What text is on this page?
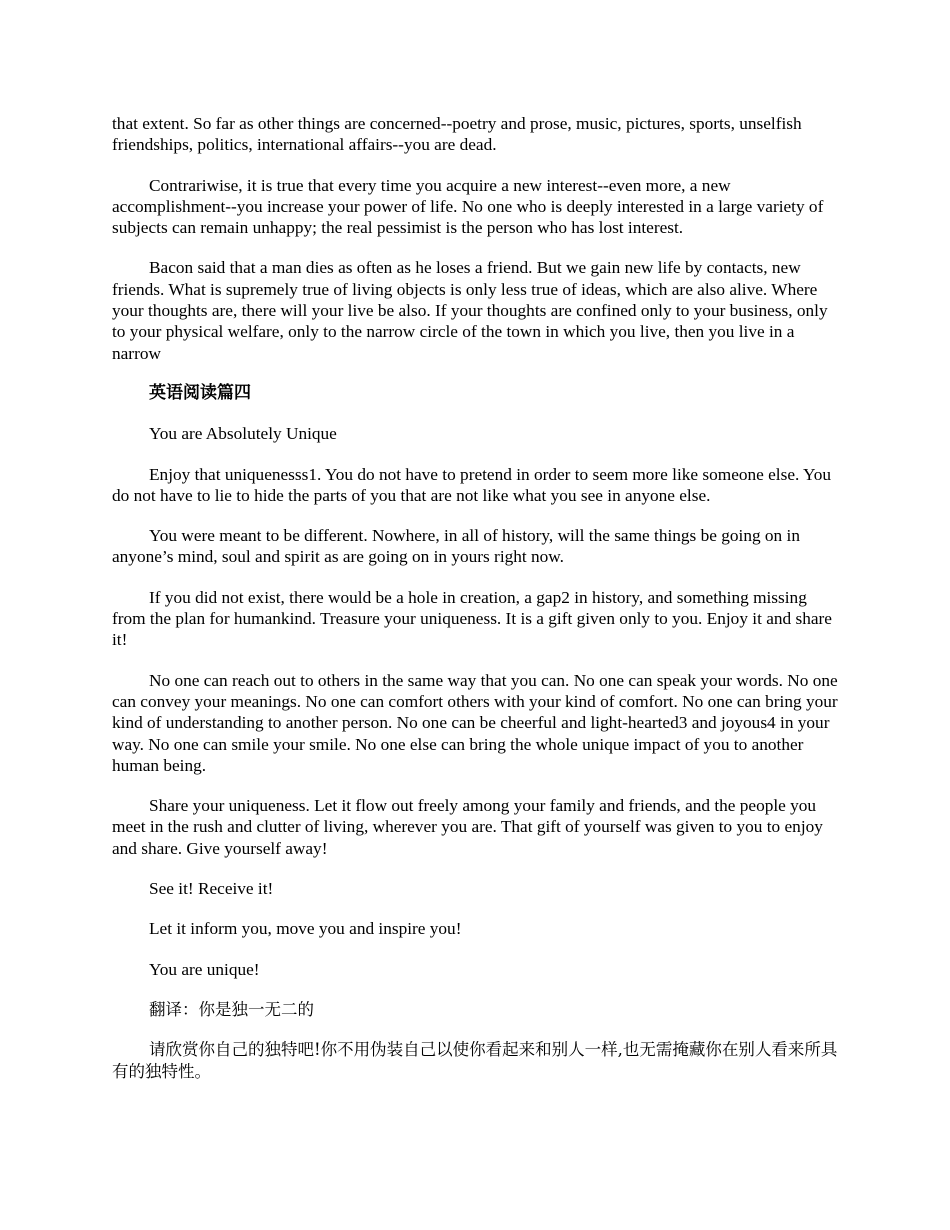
that extent. So far as other things are concerned--poetry and prose, music, pictures, sports, unselfish friendships, politics, international affairs--you are dead.

Contrariwise, it is true that every time you acquire a new interest--even more, a new accomplishment--you increase your power of life. No one who is deeply interested in a large variety of subjects can remain unhappy; the real pessimist is the person who has lost interest.

Bacon said that a man dies as often as he loses a friend. But we gain new life by contacts, new friends. What is supremely true of living objects is only less true of ideas, which are also alive. Where your thoughts are, there will your live be also. If your thoughts are confined only to your business, only to your physical welfare, only to the narrow circle of the town in which you live, then you live in a narrow

英语阅读篇四

You are Absolutely Unique

Enjoy that uniquenesss1. You do not have to pretend in order to seem more like someone else. You do not have to lie to hide the parts of you that are not like what you see in anyone else.

You were meant to be different. Nowhere, in all of history, will the same things be going on in anyone’s mind, soul and spirit as are going on in yours right now.

If you did not exist, there would be a hole in creation, a gap2 in history, and something missing from the plan for humankind. Treasure your uniqueness. It is a gift given only to you. Enjoy it and share it!

No one can reach out to others in the same way that you can. No one can speak your words. No one can convey your meanings. No one can comfort others with your kind of comfort. No one can bring your kind of understanding to another person. No one can be cheerful and light-hearted3 and joyous4 in your way. No one can smile your smile. No one else can bring the whole unique impact of you to another human being.

Share your uniqueness. Let it flow out freely among your family and friends, and the people you meet in the rush and clutter of living, wherever you are. That gift of yourself was given to you to enjoy and share. Give yourself away!

See it! Receive it!

Let it inform you, move you and inspire you!

You are unique!

翻译：你是独一无二的

请欣赏你自己的独特吧!你不用伪装自己以使你看起来和别人一样,也无需掩藏你在别人看来所具有的独特性。
